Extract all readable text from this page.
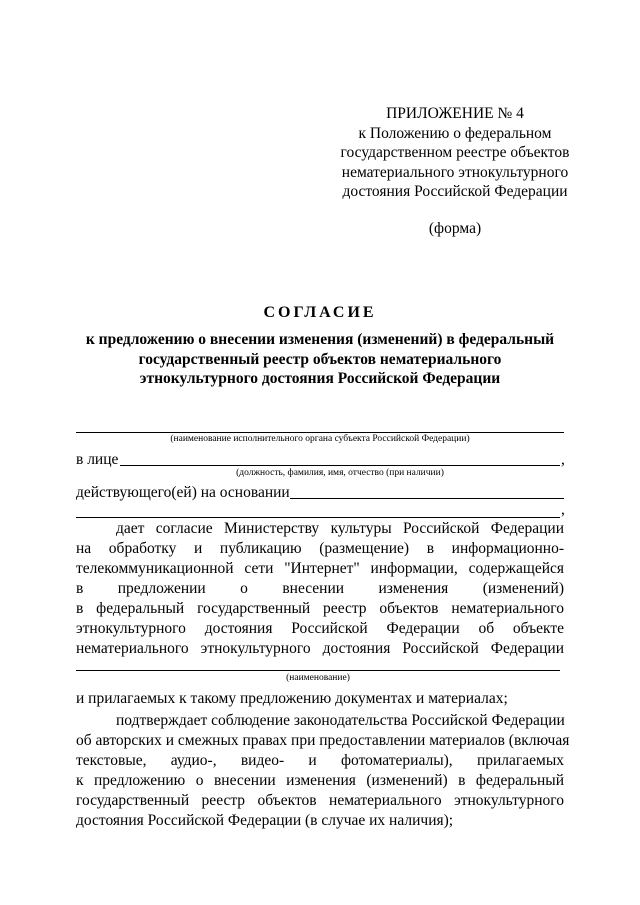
ПРИЛОЖЕНИЕ № 4
к Положению о федеральном
государственном реестре объектов
нематериального этнокультурного
достояния Российской Федерации
(форма)
СОГЛАСИЕ
к предложению о внесении изменения (изменений) в федеральный
государственный реестр объектов нематериального
этнокультурного достояния Российской Федерации
(наименование исполнительного органа субъекта Российской Федерации)
в лице	,
(должность, фамилия, имя, отчество (при наличии)
действующего(ей) на основании
,
дает согласие Министерству культуры Российской Федерации
на обработку и публикацию (размещение) в информационно-
телекоммуникационной сети "Интернет" информации, содержащейся
в предложении о внесении изменения (изменений)
в федеральный государственный реестр объектов нематериального
этнокультурного достояния Российской Федерации об объекте
нематериального этнокультурного достояния Российской Федерации
(наименование)
и прилагаемых к такому предложению документах и материалах;
подтверждает соблюдение законодательства Российской Федерации
об авторских и смежных правах при предоставлении материалов (включая
текстовые, аудио-, видео- и фотоматериалы), прилагаемых
к предложению о внесении изменения (изменений) в федеральный
государственный реестр объектов нематериального этнокультурного
достояния Российской Федерации (в случае их наличия);
